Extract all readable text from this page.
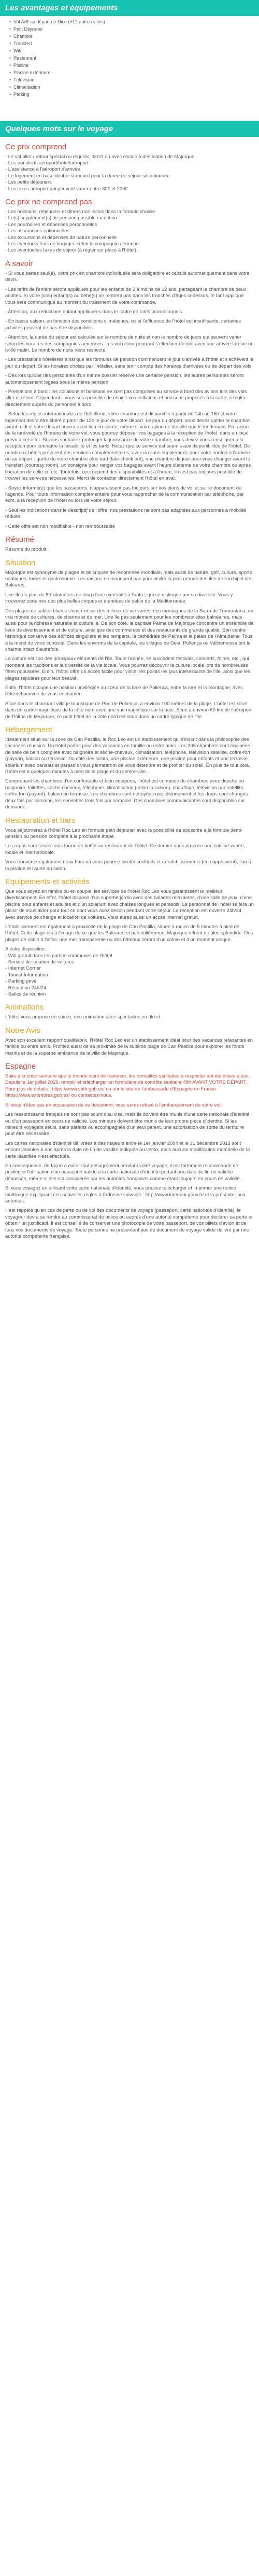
Les avantages et équipements
• Vol A/R au départ de Nice (+12 autres villes)
• Petit Déjeuner
• Chambre
• Transfert
• Wifi
• Restaurant
• Piscine
• Piscine extérieure
• Télévision
• Climatisation
• Parking
Quelques mots sur le voyage
Ce prix comprend
- Le vol aller / retour spécial ou régulier, direct ou avec escale à destination de Majorque
- Les transferts aéroport/hôtel/aéroport
- L'assistance à l'aéroport d'arrivée
- Le logement en base double standard pour la durée de séjour sélectionnée
- Les petits déjeuners
- Les taxes aéroport qui peuvent varier entre 30€ et 200€
Ce prix ne comprend pas
- Les boissons, déjeuners et dîners non inclus dans la formule choisie
- Le(s) supplément(s) de pension possible en option
- Les pourboires et dépenses personnelles
- Les assurances optionnelles
- Les excursions et dépenses de nature personnelle
- Les éventuels frais de bagages selon la compagnie aérienne
- Les éventuelles taxes de séjour (à régler sur place à l'hôtel).
A savoir

- Si vous partez seul(e), votre prix en chambre individuelle sera obligatoire et calculé automatiquement dans votre devis.

- Les tarifs de l'enfant seront appliqués pour les enfants de 2 à moins de 12 ans, partageant la chambre de deux adultes. Si votre (vos) enfant(s) au bébé(s) ne rentrent pas dans les tranches d'âges ci-dessus, le tarif appliqué vous sera communiqué au moment du traitement de votre commande.

- Attention, aux réductions enfant appliquées dans le cadre de tarifs promotionnels.

- En basse saison, en fonction des conditions climatiques, ou si l'affluence de l'hôtel est insuffisante, certaines activités peuvent ne pas être disponibles.

- Attention, la durée du séjour est calculée sur le nombre de nuits et non le nombre de jours qui peuvent varier selon les horaires des compagnies aériennes. Les vol retour pourront s'effectuer de nuit avec une arrivée tardive ou le 8è matin. Le nombre de nuits reste respecté.

- Les prestations hôtelières ainsi que les formules de pension commencent le jour d'arrivée à l'hôtel et s'achèvent le jour du départ. Si les horaires choisis par l'hôtelier, sans tenir compte des horaires d'arrivées ou de départ des vols.

- Dès lors qu'une des personnes d'un même dossier réserve une certaine pension, les autres personnes seront automatiquement logées sous la même pension.

- Prestations à bord : les collations et boissons ne sont pas comprises au service à bord des avions lors des vols aller et retour. Cependant il vous sera possible de choisir vos collations et boissons proposés à la carte, à régler directement auprès du personnel à bord.

- Selon les règles internationales de l'hôtellerie, votre chambre est disponible à partir de 14h au 15h et votre logement devra être libéré à partir de 12h le jour de votre départ. Le jour du départ, vous devez quitter la chambre avant midi et votre départ pourra avoir lieu en soirée, même si votre avion ne décolle que le lendemain. En raison de la tardiveté de l'horaire de votre vol, vous pourrez déposer vos bagages à la réception de l'hôtel, dans un local prévu à cet effet. Si vous souhaitez prolonger la jouissance de votre chambre, vous devez vous renseigner à la réception pour connaître la faisabilité et les tarifs. Notez que ce service est soumis aux disponibilités de l'hôtel. De nombreux hôtels prévoient des services complémentaires, avec ou sans supplément, pour votre confort à l'arrivée ou au départ : garde de votre chambre plus tard (late-check out), une chambre de jour pour vous changer avant le transfert (courtesy room), un consigne pour ranger vos bagages avant l'heure d'attente de votre chambre ou après libération de celle-ci, etc. Toutefois, ceci dépend des disponibilités et à l'heure, il n'est pas toujours possible de trouver les services nécessaires. Merci de contacter directement l'hôtel en aval.

- Soyez informé(e) que les passeports, n'apparaissent pas toujours sur vos plans de vol et sur le document de l'agence. Pour toute information complémentaire pour vous rapprocher de la communication par téléphone, par écrit, à la réception de l'hôtel ou lors de votre séjour.

- Seul les indications dans le descriptif de l'offre, nos prestations ne sont pas adaptées aux personnes à mobilité réduite

- Cette offre est non modifiable - non remboursable

Résumé

Résumé du produit

Situation

Majorque est synonyme de plages et de criques de renommée mondiale, mais aussi de nature, golf, culture, sports nautiques, loisirs et gastronomie. Les raisons ne manquent pas pour visiter la plus grande des îles de l'archipel des Baléares.

Une île de plus de 80 kilomètres de long d'une extrémité à l'autre, qui se distingue par sa diversité. Vous y trouverez certaines des plus belles criques et étendues de sable de la Méditerranée.

Des plages de sables blancs s'ouvrent sur des milieux de vie variés, des montagnes de la Serra de Tramuntana, un vrai monde de cultures, de charme et de mer. Une île pas seulement pour les nombreux sites balnéaires, mais aussi pour la richesse naturelle et culturelle. De son côté, la capitale Palma de Majorque concentre un ensemble de lieux de divertissement et de culture, ainsi que des commerces et des restaurants de grande qualité. Son centre historique conserve des édifices singuliers et les remparts, la cathédrale de Palma et le palais de l'Almudaina. Tous à la merci de votre curiosité. Dans les environs de la capitale, les villages de Deià, Pollença ou Valldemossa ont le charme intact d'autrefois.

La culture est l'un des principaux éléments de l'île. Toute l'année, se succèdent festivals, concerts, foires, etc., qui montrent les traditions et la diversité de la vie locale. Vous pourrez découvrir la culture locale lors de nombreuses fêtes populaires. Enfin, l'hôtel offre un accès facile pour visiter les points les plus intéressants de l'île, ainsi que les plages réputées pour leur beauté.

Enfin, l'hôtel occupe une position privilégiée au cœur de la baie de Pollença, entre la mer et la montagne, avec l'éternel pouvoir de vous enchanter.

Situé dans le charmant village touristique de Port de Pollença, à environ 100 mètres de la plage. L'hôtel est situé dans un cadre magnifique de la côte nord avec une vue magnifique sur la baie. Situé à environ 60 km de l'aéroport de Palma de Majorque, ce petit hôtel de la côte nord est situé dans un cadre typique de l'île.

Hébergement

Idéalement situé sur la zone de Can Pastilla, le Roc Leo est un établissement qui s'inscrit dans la philosophie des vacances réussies. Un hôtel parfait pour des vacances en famille ou entre amis. Les 206 chambres sont équipées de salle de bain complète avec baignoire et sèche-cheveux, climatisation, téléphone, télévision satellite, coffre-fort (payant), balcon ou terrasse. Du côté des loisirs, une piscine extérieure, une piscine pour enfants et une terrasse solarium avec transats et parasols vous permettront de vous détendre et de profiter du soleil. En plus de tout cela, l'hôtel est à quelques minutes à pied de la plage et du centre-ville.

Comprenant les chambres d'un confortable et bien équipées, l'hôtel est composé de chambres avec douche ou baignoire, toilettes, sèche-cheveux, téléphone, climatisation (selon la saison), chauffage, télévision par satellite, coffre-fort (payant), balcon ou terrasse. Les chambres sont nettoyées quotidiennement et les draps sont changés deux fois par semaine, les serviettes trois fois par semaine. Des chambres communicantes sont disponibles sur demande.

Restauration et bars

Vous séjournerez à l'hôtel Roc Leo en formule petit déjeuner avec la possibilité de souscrire à la formule demi-pension ou pension complète à la prochaine étape.

Les repas sont servis sous forme de buffet au restaurant de l'hôtel. Ce dernier vous propose une cuisine variée, locale et internationale.

Vous trouverez également deux bars où vous pourrez siroter cocktails et rafraîchissements (en supplément), l'un à la piscine et l'autre au salon.

Equipements et activités

Que vous soyez en famille ou en couple, les services de l'hôtel Roc Leo vous garantissent le meilleur divertissement. En effet, l'hôtel dispose d'un superbe jardin avec des balades relaxantes, d'une salle de jeux, d'une piscine pour enfants et adultes et d'un solarium avec chaises longues et parasols. Le personnel de l'hôtel se fera un plaisir de vous aider pour tout ce dont vous avez besoin pendant votre séjour. La réception est ouverte 24h/24, avec service de change et location de voitures. Vous aurez aussi un accès internet gratuit.

L'établissement est également à proximité de la plage de Can Pastilla, située à moins de 5 minutes à pied de l'hôtel. Cette plage est à l'image de ce que les Baléares et particulièrement Majorque offrent de plus splendide. Des plages de sable à l'infini, une mer transparente ou des bâteaux seront d'un calme et d'un moment unique.

A votre disposition :

- Wifi gratuit dans les parties communes de l'hôtel
- Service de location de voitures
- Internet Corner
- Tourist Information
- Parking privé
- Réception 24h/24
- Salles de réunion
Animations

L'hôtel vous propose en soirée, une animation avec spectacles en direct.

Notre Avis

Avec son excellent rapport qualité/prix, l'Hôtel Roc Leo est un établissement idéal pour des vacances relaxantes en famille ou entre amis. Profitez aussi de sa proximité de la sublime plage de Can Pastilla pour explorer les fonds marins et de la superbe ambiance de la ville de Majorque.

Espagne

Suite à la crise sanitaire que le monde vient de traverser, les formalités sanitaires à respecter ont été mises à jour. Depuis le 1er juillet 2020, remplir et télécharger un formulaire de contrôle sanitaire 48h AVANT VOTRE DÉPART. Pour plus de détails : https://www.spth.gob.es/ ou sur le site de l'ambassade d'Espagne en France : https://www.exteriores.gob.es/ ou contactez-nous.

Si vous n'êtes pas en possession de ce document, vous serez refusé à l'embarquement de votre vol.

Les ressortissants français ne sont pas soumis au visa, mais ils doivent être munis d'une carte nationale d'identité ou d'un passeport en cours de validité. Les mineurs doivent être munis de leur propre pièce d'identité. Si les mineurs voyagent seuls, sans parents ou accompagnés d'un seul parent, une autorisation de sortie du territoire peut être nécessaire.

Les cartes nationales d'identité délivrées à des majeurs entre le 1er janvier 2004 et le 31 décembre 2013 sont encore valables 5 ans après la date de fin de validité indiquée au verso, mais aucune modification matérielle de la carte plastifiée n'est effectuée.

En conséquence, de façon à éviter tout désagrément pendant votre voyage, il est fortement recommandé de privilégier l'utilisation d'un passeport valide à la carte nationale d'identité portant une date de fin de validité dépassée, même si elle est considérée par les autorités françaises comme étant toujours en cours de validité.

Si vous voyagez en utilisant votre carte nationale d'identité, vous pouvez télécharger et imprimer une notice multilingue expliquant ces nouvelles règles à l'adresse suivante : http://www.interieur.gouv.fr/ et la présenter aux autorités.

Il est rappelé qu'en cas de perte ou de vol des documents de voyage (passeport, carte nationale d'identité), le voyageur devra se rendre au commissariat de police ou auprès d'une autorité compétente pour déclarer sa perte et obtenir un justificatif. Il est conseillé de conserver une photocopie de votre passeport, de vos billets d'avion et de tous vos documents de voyage. Toute personne ne présentant pas de document de voyage valide délivré par une autorité compétente française.
